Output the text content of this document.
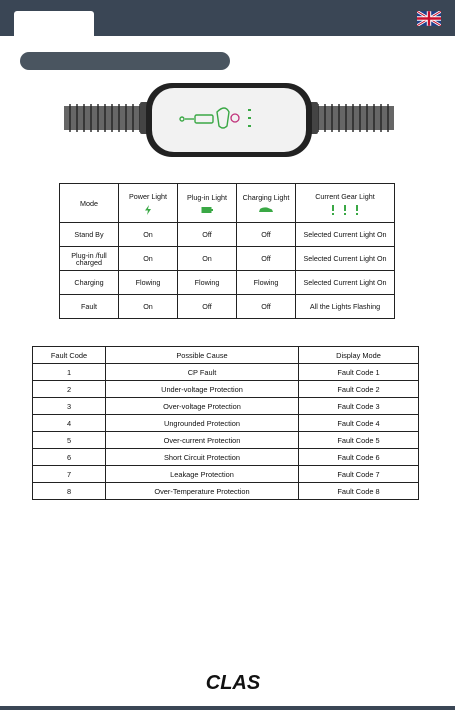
Mode	Power Light	Plug-in Light	Charging Light	Current Gear Light

Stand By	On	Off	Off	Selected Current Light On
Plug-in /full charged	On	On	Off	Selected Current Light On
Charging	Flowing	Flowing	Flowing	Selected Current Light On
Fault	On	Off	Off	All the Lights Flashing
Fault Code	Possible Cause	Display Mode
1	CP Fault	Fault Code 1
2	Under-voltage Protection	Fault Code 2
3	Over-voltage Protection	Fault Code 3
4	Ungrounded Protection	Fault Code 4
5	Over-current Protection	Fault Code 5
6	Short Circuit Protection	Fault Code 6
7	Leakage Protection	Fault Code 7
8	Over-Temperature Protection	Fault Code 8
CLAS
